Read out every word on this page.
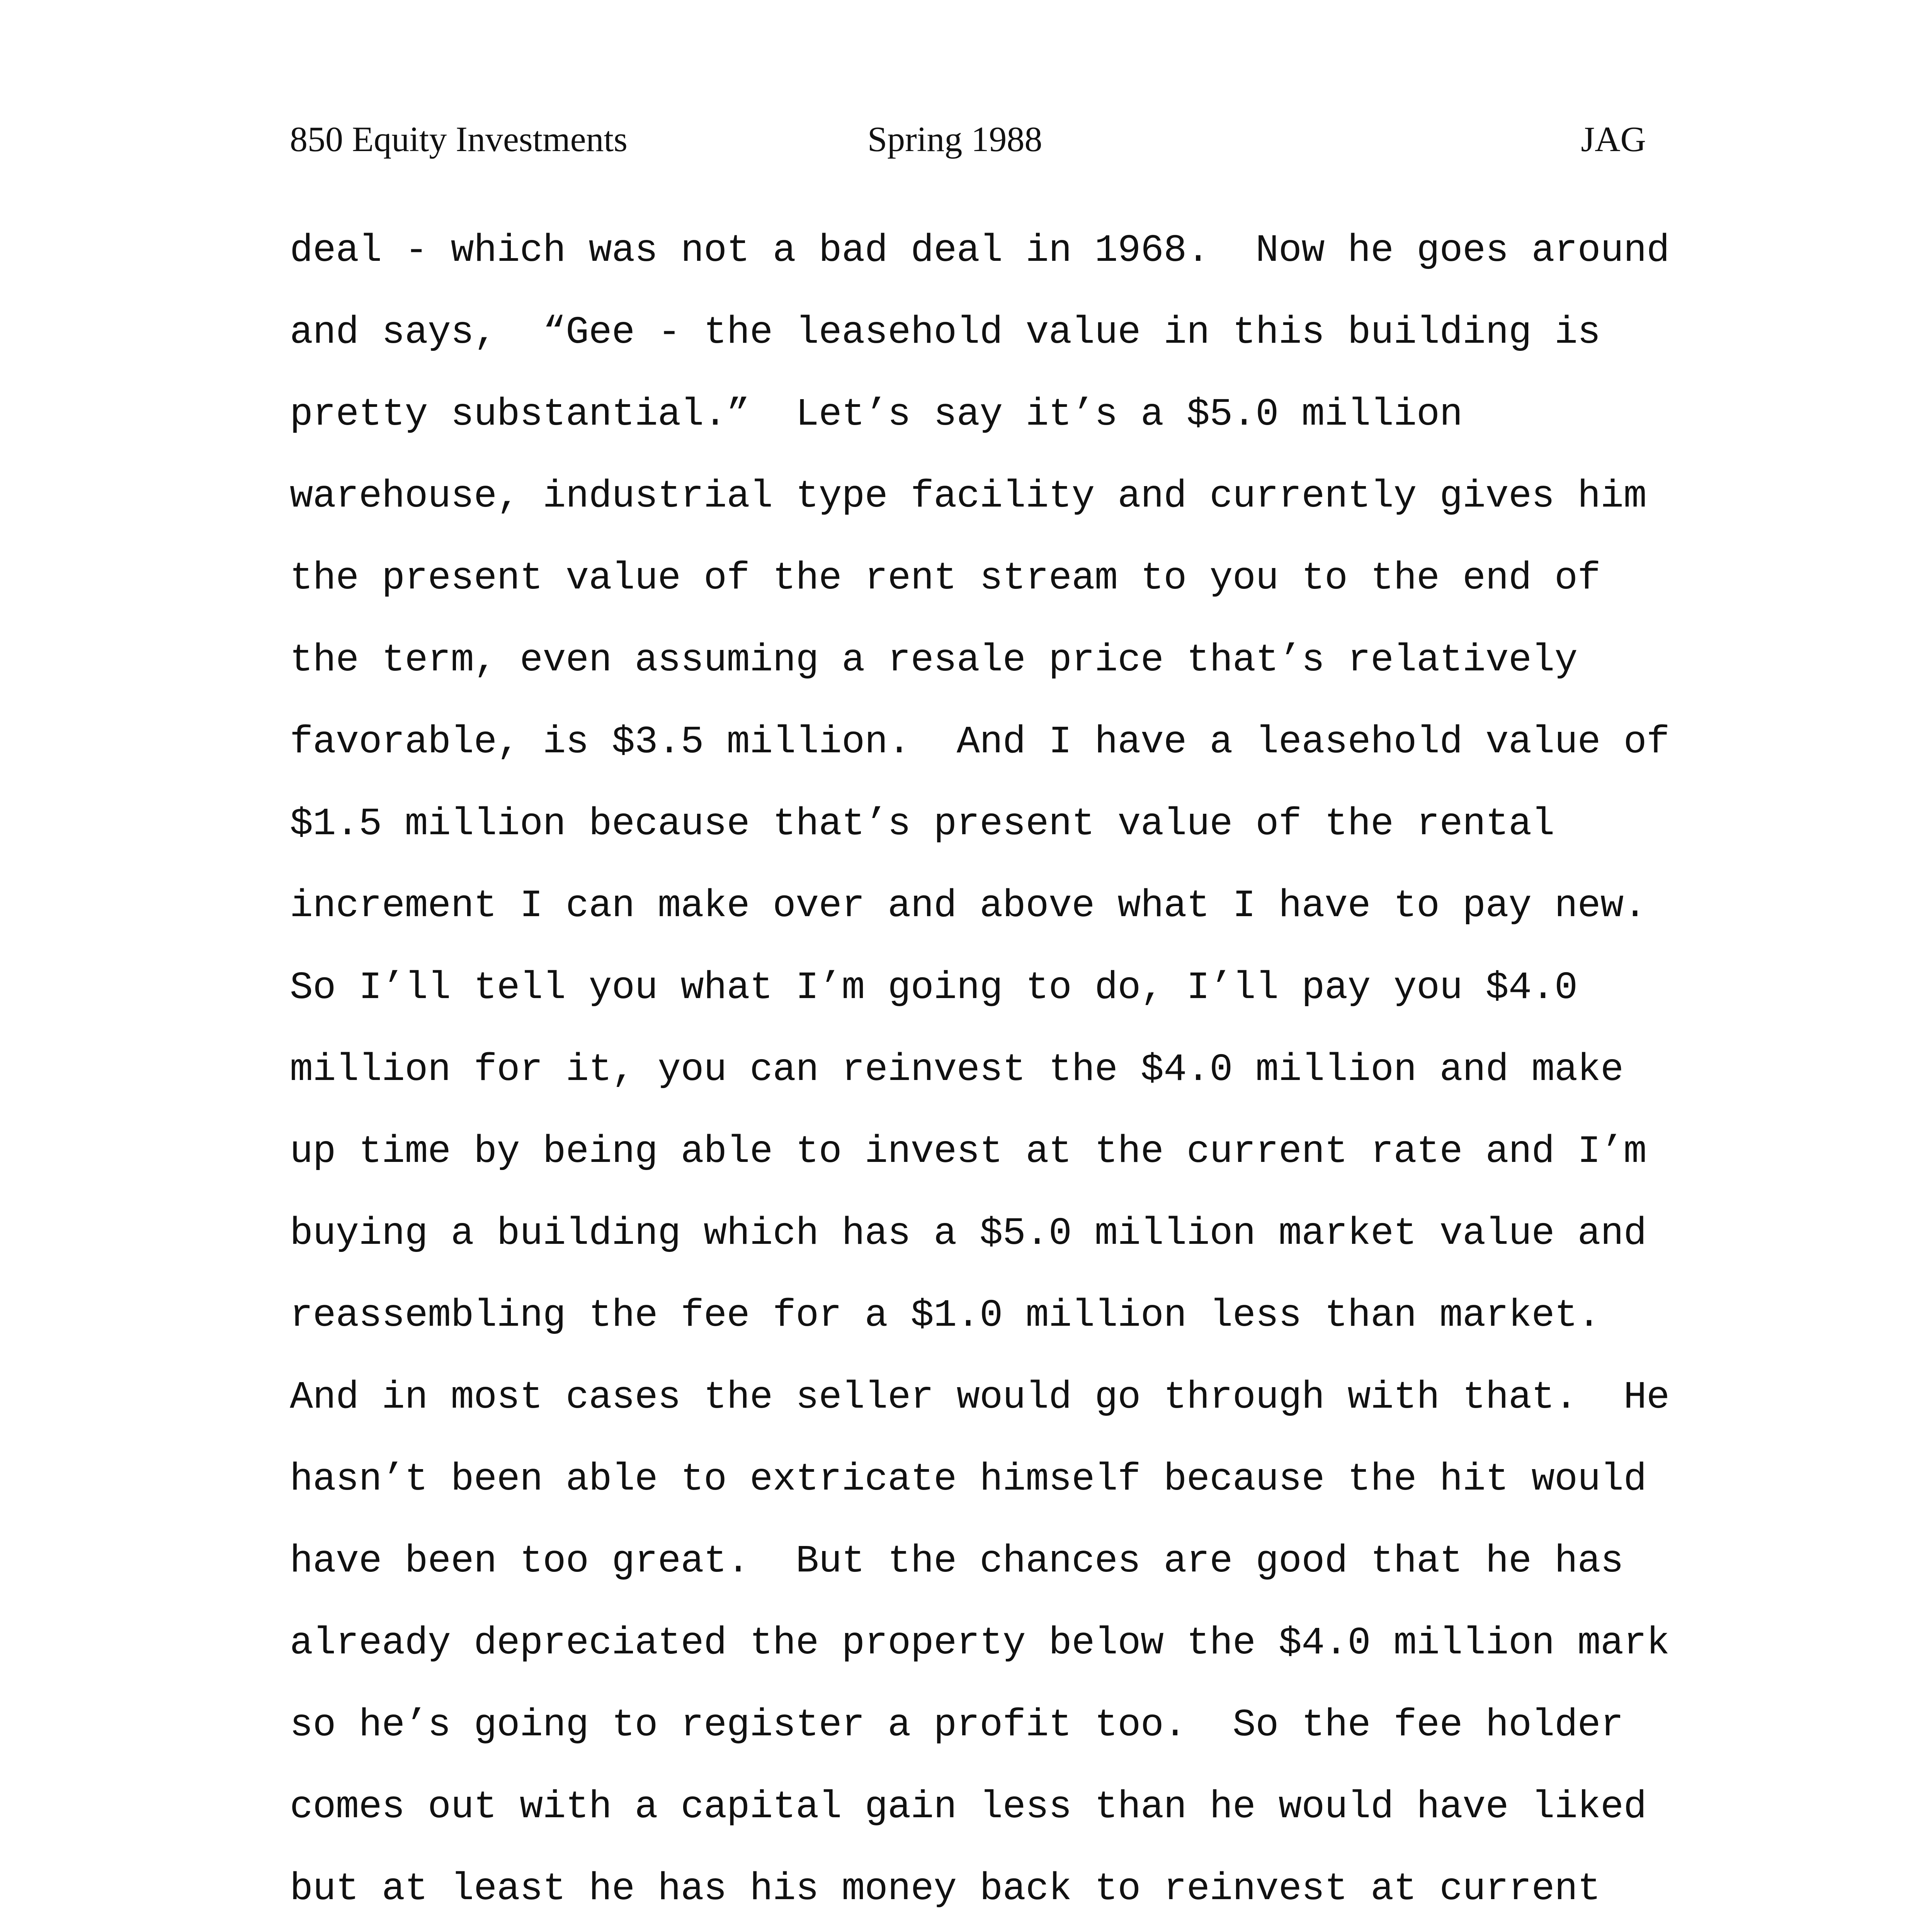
850 Equity Investments	Spring 1988	JAG
deal - which was not a bad deal in 1968.  Now he goes around
and says,  “Gee - the leasehold value in this building is
pretty substantial.”  Let’s say it’s a $5.0 million
warehouse, industrial type facility and currently gives him
the present value of the rent stream to you to the end of
the term, even assuming a resale price that’s relatively
favorable, is $3.5 million.  And I have a leasehold value of
$1.5 million because that’s present value of the rental
increment I can make over and above what I have to pay new.
So I’ll tell you what I’m going to do, I’ll pay you $4.0
million for it, you can reinvest the $4.0 million and make
up time by being able to invest at the current rate and I’m
buying a building which has a $5.0 million market value and
reassembling the fee for a $1.0 million less than market.
And in most cases the seller would go through with that.  He
hasn’t been able to extricate himself because the hit would
have been too great.  But the chances are good that he has
already depreciated the property below the $4.0 million mark
so he’s going to register a profit too.  So the fee holder
comes out with a capital gain less than he would have liked
but at least he has his money back to reinvest at current
